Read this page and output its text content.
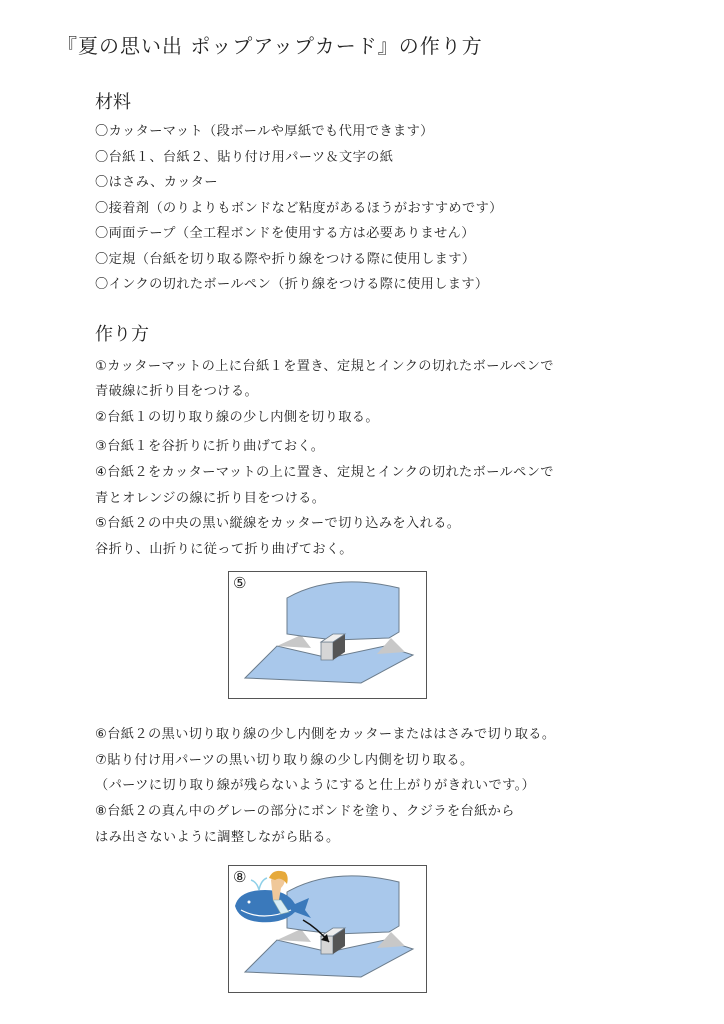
『夏の思い出 ポップアップカード』の作り方
材料
〇カッターマット（段ボールや厚紙でも代用できます）
〇台紙１、台紙２、貼り付け用パーツ＆文字の紙
〇はさみ、カッター
〇接着剤（のりよりもボンドなど粘度があるほうがおすすめです）
〇両面テープ（全工程ボンドを使用する方は必要ありません）
〇定規（台紙を切り取る際や折り線をつける際に使用します）
〇インクの切れたボールペン（折り線をつける際に使用します）
作り方
①カッターマットの上に台紙１を置き、定規とインクの切れたボールペンで
青破線に折り目をつける。
②台紙１の切り取り線の少し内側を切り取る。
③台紙１を谷折りに折り曲げておく。
④台紙２をカッターマットの上に置き、定規とインクの切れたボールペンで
青とオレンジの線に折り目をつける。
⑤台紙２の中央の黒い縦線をカッターで切り込みを入れる。
谷折り、山折りに従って折り曲げておく。
⑤
⑥台紙２の黒い切り取り線の少し内側をカッターまたははさみで切り取る。
⑦貼り付け用パーツの黒い切り取り線の少し内側を切り取る。
（パーツに切り取り線が残らないようにすると仕上がりがきれいです。）
⑧台紙２の真ん中のグレーの部分にボンドを塗り、クジラを台紙から
はみ出さないように調整しながら貼る。
⑧
